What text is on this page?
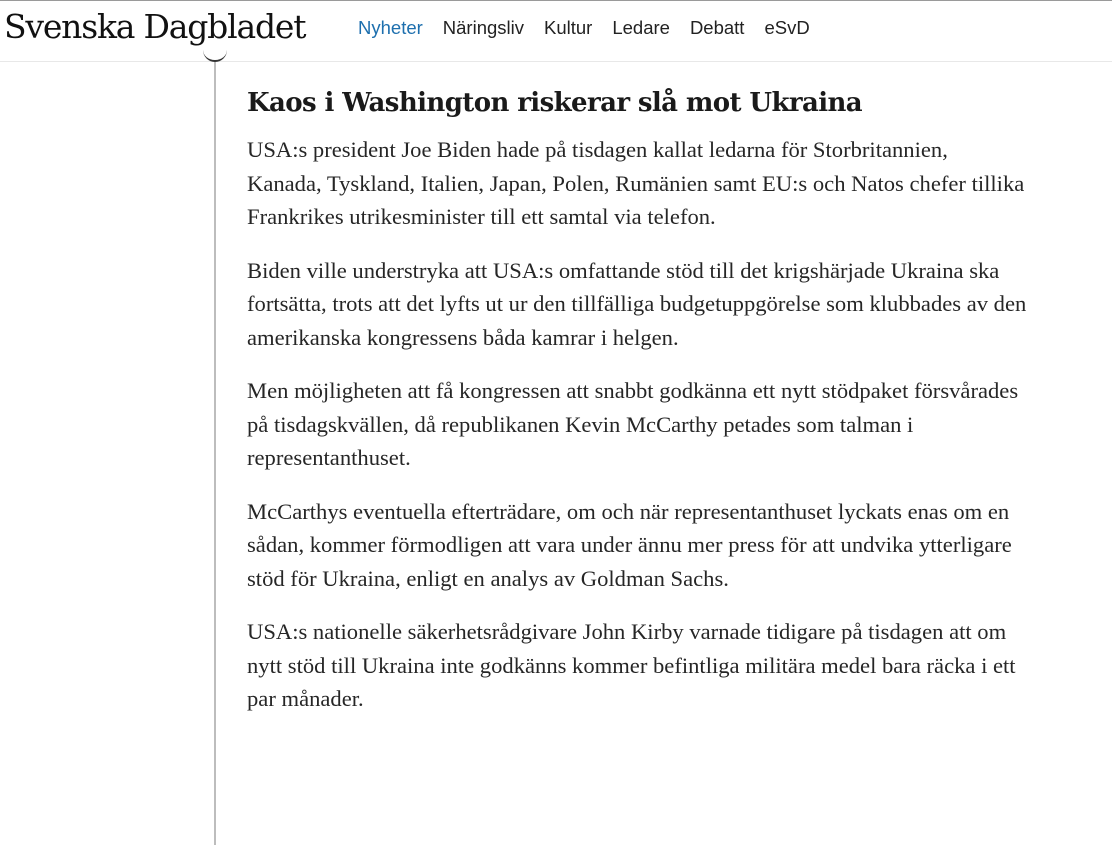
Svenska Dagbladet	Nyheter Näringsliv Kultur Ledare Debatt eSvD
Kaos i Washington riskerar slå mot Ukraina

USA:s president Joe Biden hade på tisdagen kallat ledarna för Storbritannien, Kanada, Tyskland, Italien, Japan, Polen, Rumänien samt EU:s och Natos chefer tillika Frankrikes utrikesminister till ett samtal via telefon.

Biden ville understryka att USA:s omfattande stöd till det krigshärjade Ukraina ska fortsätta, trots att det lyfts ut ur den tillfälliga budgetuppgörelse som klubbades av den amerikanska kongressens båda kamrar i helgen.

Men möjligheten att få kongressen att snabbt godkänna ett nytt stödpaket försvårades på tisdagskvällen, då republikanen Kevin McCarthy petades som talman i representanthuset.

McCarthys eventuella efterträdare, om och när representanthuset lyckats enas om en sådan, kommer förmodligen att vara under ännu mer press för att undvika ytterligare stöd för Ukraina, enligt en analys av Goldman Sachs.

USA:s nationelle säkerhetsrådgivare John Kirby varnade tidigare på tisdagen att om nytt stöd till Ukraina inte godkänns kommer befintliga militära medel bara räcka i ett par månader.
